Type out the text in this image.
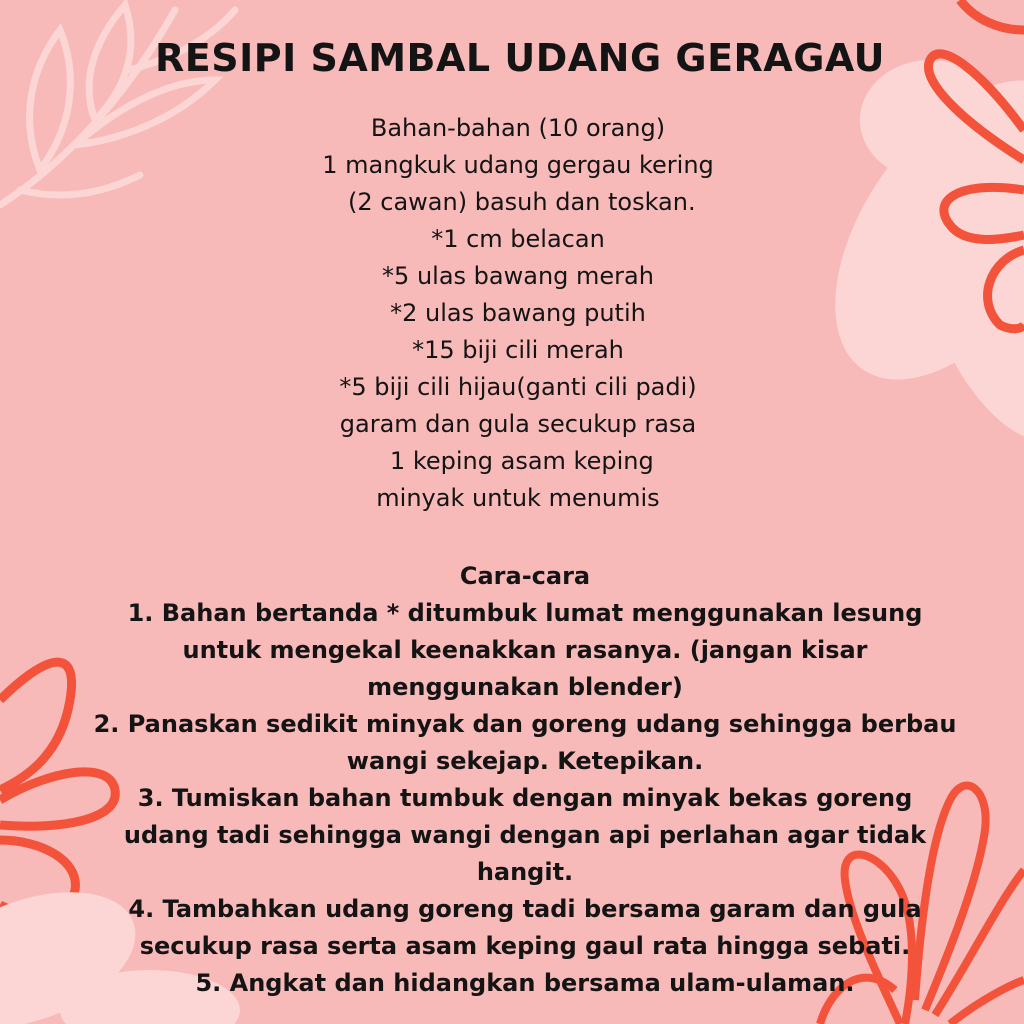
RESIPI SAMBAL UDANG GERAGAU
Bahan-bahan (10 orang)
1 mangkuk udang gergau kering
(2 cawan) basuh dan toskan.
*1 cm belacan
*5 ulas bawang merah
*2 ulas bawang putih
*15 biji cili merah
*5 biji cili hijau(ganti cili padi)
garam dan gula secukup rasa
1 keping asam keping
minyak untuk menumis
Cara-cara
1. Bahan bertanda * ditumbuk lumat menggunakan lesung
untuk mengekal keenakkan rasanya. (jangan kisar
menggunakan blender)
2. Panaskan sedikit minyak dan goreng udang sehingga berbau
wangi sekejap. Ketepikan.
3. Tumiskan bahan tumbuk dengan minyak bekas goreng
udang tadi sehingga wangi dengan api perlahan agar tidak
hangit.
4. Tambahkan udang goreng tadi bersama garam dan gula
secukup rasa serta asam keping gaul rata hingga sebati.
5. Angkat dan hidangkan bersama ulam-ulaman.
